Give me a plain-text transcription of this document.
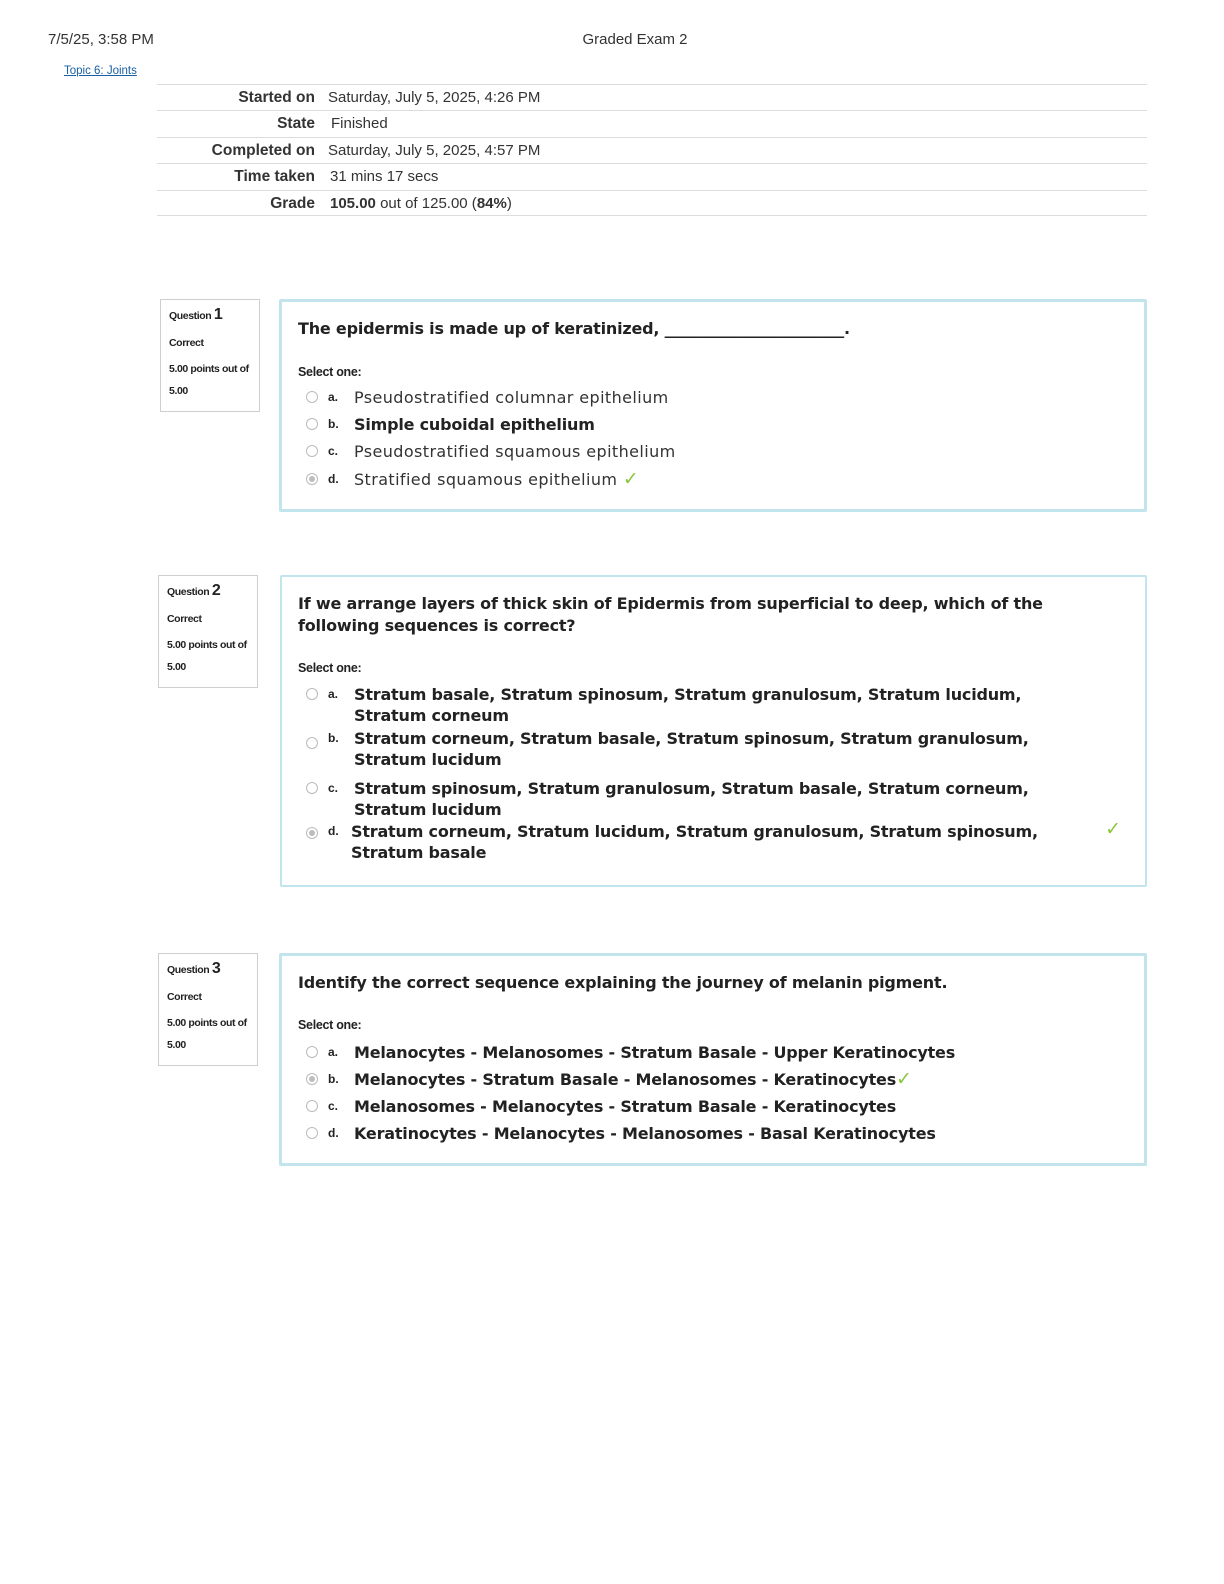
7/5/25, 3:58 PM	Graded Exam 2
Topic 6: Joints
Started on Saturday, July 5, 2025, 4:26 PM
State Finished
Completed on Saturday, July 5, 2025, 4:57 PM
Time taken 31 mins 17 secs
Grade 105.00 out of 125.00 (84%)
Question 1
Correct
5.00 points out of 5.00
The epidermis is made up of keratinized, _______________________.
Select one:
a. Pseudostratified columnar epithelium
b. Simple cuboidal epithelium
c. Pseudostratified squamous epithelium
d. Stratified squamous epithelium ✓
Question 2
Correct
5.00 points out of 5.00
If we arrange layers of thick skin of Epidermis from superficial to deep, which of the following sequences is correct?
Select one:
a. Stratum basale, Stratum spinosum, Stratum granulosum, Stratum lucidum, Stratum corneum
b. Stratum corneum, Stratum basale, Stratum spinosum, Stratum granulosum, Stratum lucidum
c. Stratum spinosum, Stratum granulosum, Stratum basale, Stratum corneum, Stratum lucidum
d. Stratum corneum, Stratum lucidum, Stratum granulosum, Stratum spinosum, Stratum basale
✓
Question 3
Correct
5.00 points out of 5.00
Identify the correct sequence explaining the journey of melanin pigment.
Select one:
a. Melanocytes - Melanosomes - Stratum Basale - Upper Keratinocytes
b. Melanocytes - Stratum Basale - Melanosomes - Keratinocytes✓
c. Melanosomes - Melanocytes - Stratum Basale - Keratinocytes
d. Keratinocytes - Melanocytes - Melanosomes - Basal Keratinocytes
